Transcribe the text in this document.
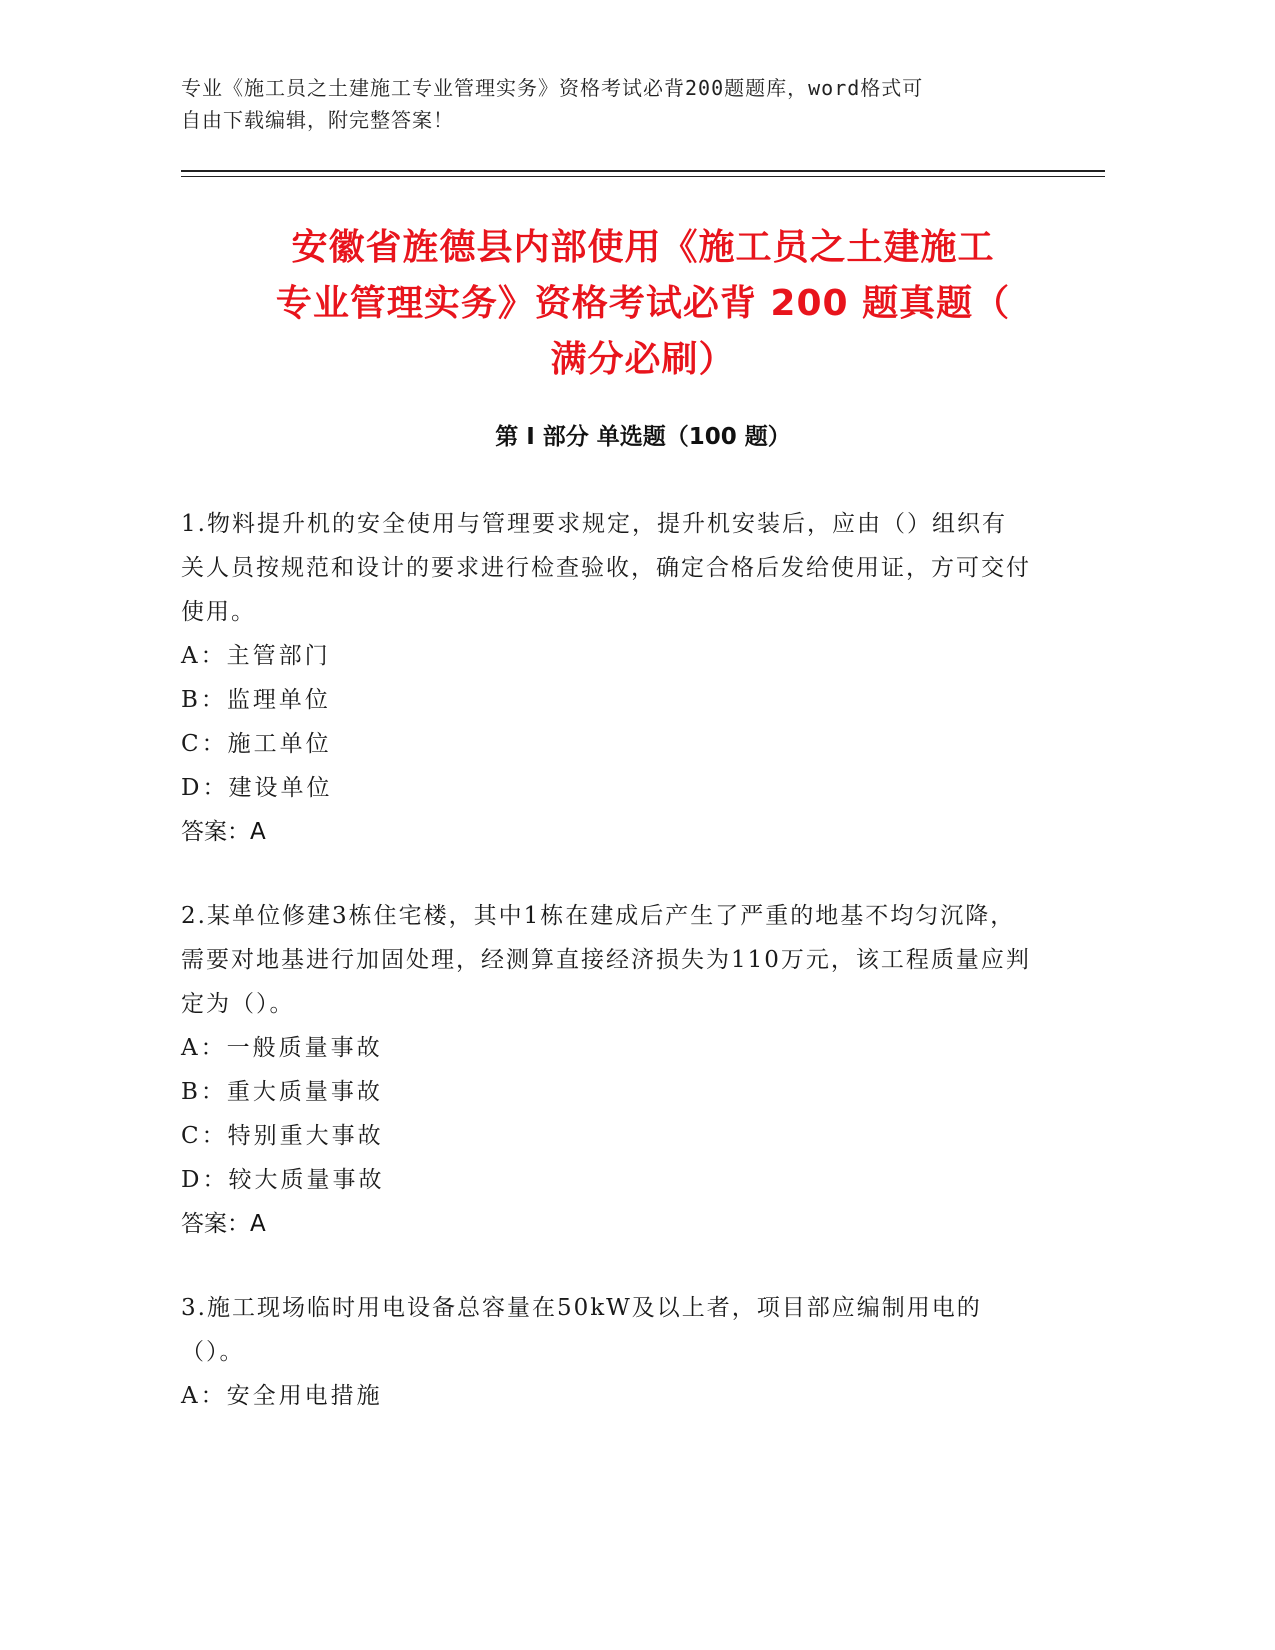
专业《施工员之土建施工专业管理实务》资格考试必背200题题库，word格式可
自由下载编辑，附完整答案！
安徽省旌德县内部使用《施工员之土建施工
专业管理实务》资格考试必背 200 题真题（
满分必刷）
第 I 部分 单选题（100 题）
1.物料提升机的安全使用与管理要求规定，提升机安装后，应由（）组织有关人员按规范和设计的要求进行检查验收，确定合格后发给使用证，方可交付使用。
A：主管部门
B：监理单位
C：施工单位
D：建设单位
答案：A
2.某单位修建3栋住宅楼，其中1栋在建成后产生了严重的地基不均匀沉降，需要对地基进行加固处理，经测算直接经济损失为110万元，该工程质量应判定为（）。
A：一般质量事故
B：重大质量事故
C：特别重大事故
D：较大质量事故
答案：A
3.施工现场临时用电设备总容量在50kW及以上者，项目部应编制用电的（）。
A：安全用电措施
